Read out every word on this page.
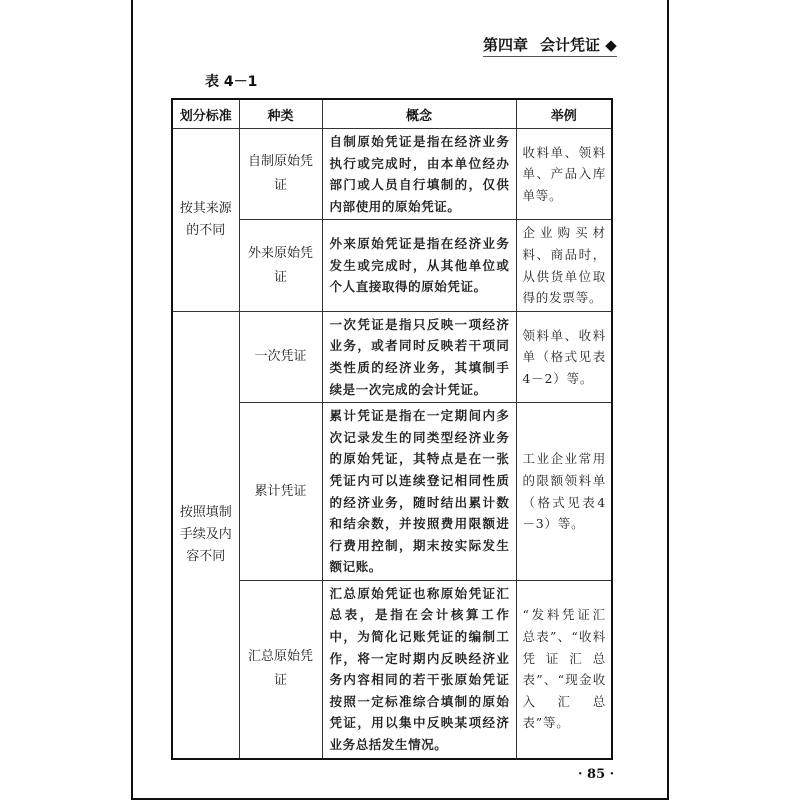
第四章 会计凭证 ◆
表 4－1
划分标准	种类	概念	举例
按其来源的不同	自制原始凭证	自制原始凭证是指在经济业务执行或完成时，由本单位经办部门或人员自行填制的，仅供内部使用的原始凭证。	收料单、领料单、产品入库单等。
	外来原始凭证	外来原始凭证是指在经济业务发生或完成时，从其他单位或个人直接取得的原始凭证。	企业购买材料、商品时，从供货单位取得的发票等。
按照填制手续及内容不同	一次凭证	一次凭证是指只反映一项经济业务，或者同时反映若干项同类性质的经济业务，其填制手续是一次完成的会计凭证。	领料单、收料单（格式见表4－2）等。
	累计凭证	累计凭证是指在一定期间内多次记录发生的同类型经济业务的原始凭证，其特点是在一张凭证内可以连续登记相同性质的经济业务，随时结出累计数和结余数，并按照费用限额进行费用控制，期末按实际发生额记账。	工业企业常用的限额领料单（格式见表4－3）等。
	汇总原始凭证	汇总原始凭证也称原始凭证汇总表，是指在会计核算工作中，为简化记账凭证的编制工作，将一定时期内反映经济业务内容相同的若干张原始凭证按照一定标准综合填制的原始凭证，用以集中反映某项经济业务总括发生情况。	“发料凭证汇总表”、“收料凭证汇总表”、“现金收入汇总表”等。
· 85 ·
